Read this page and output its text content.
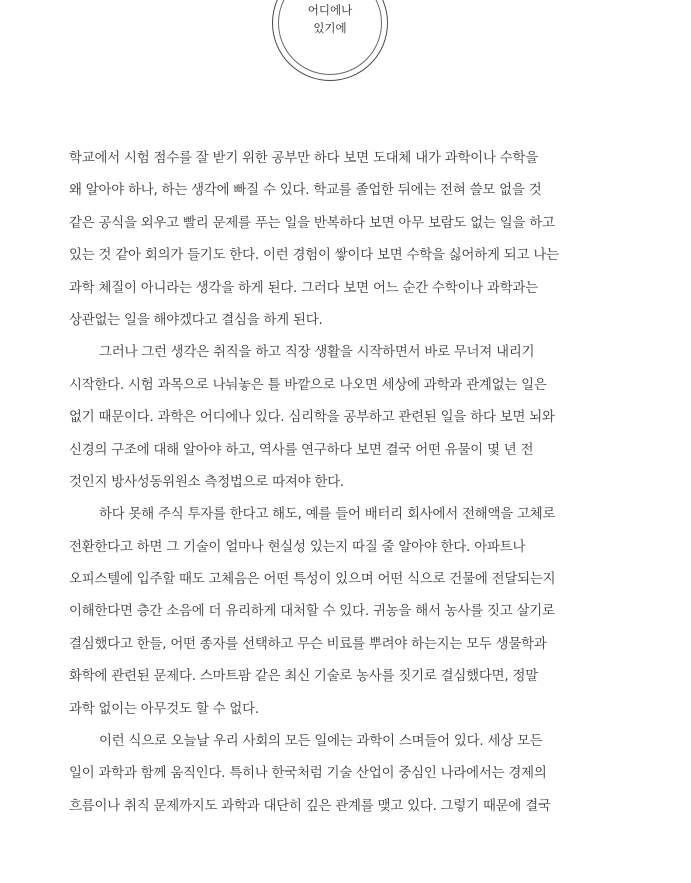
어디에나
있기에
학교에서 시험 점수를 잘 받기 위한 공부만 하다 보면 도대체 내가 과학이나 수학을
왜 알아야 하나, 하는 생각에 빠질 수 있다. 학교를 졸업한 뒤에는 전혀 쓸모 없을 것
같은 공식을 외우고 빨리 문제를 푸는 일을 반복하다 보면 아무 보람도 없는 일을 하고
있는 것 같아 회의가 들기도 한다. 이런 경험이 쌓이다 보면 수학을 싫어하게 되고 나는
과학 체질이 아니라는 생각을 하게 된다. 그러다 보면 어느 순간 수학이나 과학과는
상관없는 일을 해야겠다고 결심을 하게 된다.
그러나 그런 생각은 취직을 하고 직장 생활을 시작하면서 바로 무너져 내리기
시작한다. 시험 과목으로 나눠놓은 틀 바깥으로 나오면 세상에 과학과 관계없는 일은
없기 때문이다. 과학은 어디에나 있다. 심리학을 공부하고 관련된 일을 하다 보면 뇌와
신경의 구조에 대해 알아야 하고, 역사를 연구하다 보면 결국 어떤 유물이 몇 년 전
것인지 방사성동위원소 측정법으로 따져야 한다.
하다 못해 주식 투자를 한다고 해도, 예를 들어 배터리 회사에서 전해액을 고체로
전환한다고 하면 그 기술이 얼마나 현실성 있는지 따질 줄 알아야 한다. 아파트나
오피스텔에 입주할 때도 고체음은 어떤 특성이 있으며 어떤 식으로 건물에 전달되는지
이해한다면 층간 소음에 더 유리하게 대처할 수 있다. 귀농을 해서 농사를 짓고 살기로
결심했다고 한들, 어떤 종자를 선택하고 무슨 비료를 뿌려야 하는지는 모두 생물학과
화학에 관련된 문제다. 스마트팜 같은 최신 기술로 농사를 짓기로 결심했다면, 정말
과학 없이는 아무것도 할 수 없다.
이런 식으로 오늘날 우리 사회의 모든 일에는 과학이 스며들어 있다. 세상 모든
일이 과학과 함께 움직인다. 특히나 한국처럼 기술 산업이 중심인 나라에서는 경제의
흐름이나 취직 문제까지도 과학과 대단히 깊은 관계를 맺고 있다. 그렇기 때문에 결국
